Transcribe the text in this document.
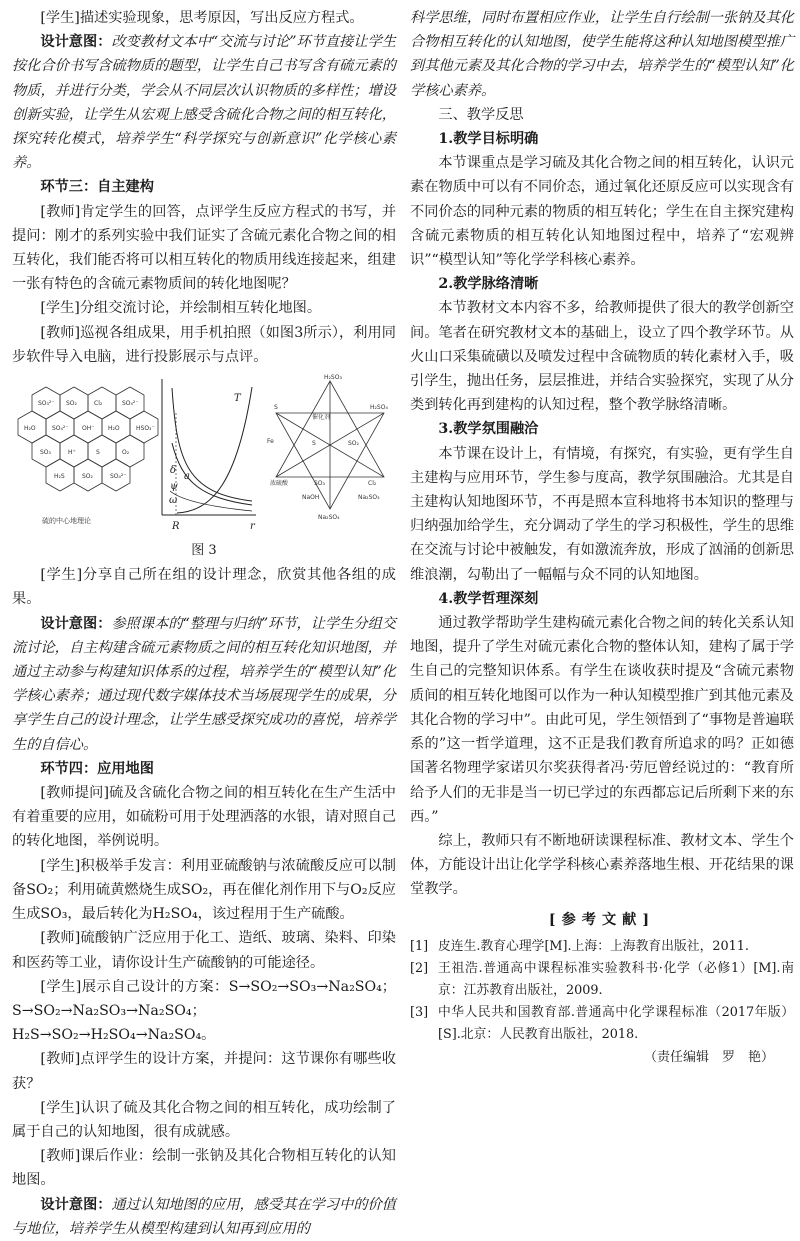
[学生]描述实验现象，思考原因，写出反应方程式。

设计意图：改变教材文本中“交流与讨论”环节直接让学生按化合价书写含硫物质的题型，让学生自己书写含有硫元素的物质，并进行分类，学会从不同层次认识物质的多样性；增设创新实验，让学生从宏观上感受含硫化合物之间的相互转化，探究转化模式，培养学生“科学探究与创新意识”化学核心素养。

环节三：自主建构

[教师]肯定学生的回答，点评学生反应方程式的书写，并提问：刚才的系列实验中我们证实了含硫元素化合物之间的相互转化，我们能否将可以相互转化的物质用线连接起来，组建一张有特色的含硫元素物质间的转化地图呢？

[学生]分组交流讨论，并绘制相互转化地图。

[教师]巡视各组成果，用手机拍照（如图3所示），利用同步软件导入电脑，进行投影展示与点评。

SO₃²⁻ SO₂	Cl₂	SO₄²⁻
H₂O	SO₄²⁻ OH⁻ H₂O	HSO₃⁻
SO₃	H⁺	S	O₂
H₂S	SO₂	SO₄²⁻
硫的中心地理论
T
a
ψ
ω
δ
R	r
H₂SO₃
S	H₂SO₄
催化剂
Fe	S	SO₂
浓硫酸	SO₃	Cl₂
NaOH	Na₂SO₃
Na₂SO₄

图 3

[学生]分享自己所在组的设计理念，欣赏其他各组的成果。

设计意图：参照课本的“整理与归纳”环节，让学生分组交流讨论，自主构建含硫元素物质之间的相互转化知识地图，并通过主动参与构建知识体系的过程，培养学生的“模型认知”化学核心素养；通过现代数字媒体技术当场展现学生的成果，分享学生自己的设计理念，让学生感受探究成功的喜悦，培养学生的自信心。

环节四：应用地图

[教师提问]硫及含硫化合物之间的相互转化在生产生活中有着重要的应用，如硫粉可用于处理洒落的水银，请对照自己的转化地图，举例说明。

[学生]积极举手发言：利用亚硫酸钠与浓硫酸反应可以制备SO₂；利用硫黄燃烧生成SO₂，再在催化剂作用下与O₂反应生成SO₃，最后转化为H₂SO₄，该过程用于生产硫酸。

[教师]硫酸钠广泛应用于化工、造纸、玻璃、染料、印染和医药等工业，请你设计生产硫酸钠的可能途径。

[学生]展示自己设计的方案：S→SO₂→SO₃→Na₂SO₄；S→SO₂→Na₂SO₃→Na₂SO₄；H₂S→SO₂→H₂SO₄→Na₂SO₄。

[教师]点评学生的设计方案，并提问：这节课你有哪些收获？

[学生]认识了硫及其化合物之间的相互转化，成功绘制了属于自己的认知地图，很有成就感。

[教师]课后作业：绘制一张钠及其化合物相互转化的认知地图。

设计意图：通过认知地图的应用，感受其在学习中的价值与地位，培养学生从模型构建到认知再到应用的

科学思维，同时布置相应作业，让学生自行绘制一张钠及其化合物相互转化的认知地图，使学生能将这种认知地图模型推广到其他元素及其化合物的学习中去，培养学生的“模型认知”化学核心素养。

三、教学反思

1.教学目标明确

本节课重点是学习硫及其化合物之间的相互转化，认识元素在物质中可以有不同价态，通过氧化还原反应可以实现含有不同价态的同种元素的物质的相互转化；学生在自主探究建构含硫元素物质的相互转化认知地图过程中，培养了“宏观辨识”“模型认知”等化学学科核心素养。

2.教学脉络清晰

本节教材文本内容不多，给教师提供了很大的教学创新空间。笔者在研究教材文本的基础上，设立了四个教学环节。从火山口采集硫磺以及喷发过程中含硫物质的转化素材入手，吸引学生，抛出任务，层层推进，并结合实验探究，实现了从分类到转化再到建构的认知过程，整个教学脉络清晰。

3.教学氛围融洽

本节课在设计上，有情境，有探究，有实验，更有学生自主建构与应用环节，学生参与度高，教学氛围融洽。尤其是自主建构认知地图环节，不再是照本宣科地将书本知识的整理与归纳强加给学生，充分调动了学生的学习积极性，学生的思维在交流与讨论中被触发，有如激流奔放，形成了汹涌的创新思维浪潮，勾勒出了一幅幅与众不同的认知地图。

4.教学哲理深刻

通过教学帮助学生建构硫元素化合物之间的转化关系认知地图，提升了学生对硫元素化合物的整体认知，建构了属于学生自己的完整知识体系。有学生在谈收获时提及“含硫元素物质间的相互转化地图可以作为一种认知模型推广到其他元素及其化合物的学习中”。由此可见，学生领悟到了“事物是普遍联系的”这一哲学道理，这不正是我们教育所追求的吗？正如德国著名物理学家诺贝尔奖获得者冯·劳厄曾经说过的：“教育所给予人们的无非是当一切已学过的东西都忘记后所剩下来的东西。”

综上，教师只有不断地研读课程标准、教材文本、学生个体，方能设计出让化学学科核心素养落地生根、开花结果的课堂教学。

[参考文献]

[1] 皮连生.教育心理学[M].上海：上海教育出版社，2011.

[2] 王祖浩.普通高中课程标准实验教科书·化学（必修1）[M].南京：江苏教育出版社，2009.

[3] 中华人民共和国教育部.普通高中化学课程标准（2017年版）[S].北京：人民教育出版社，2018.

（责任编辑　罗　艳）
